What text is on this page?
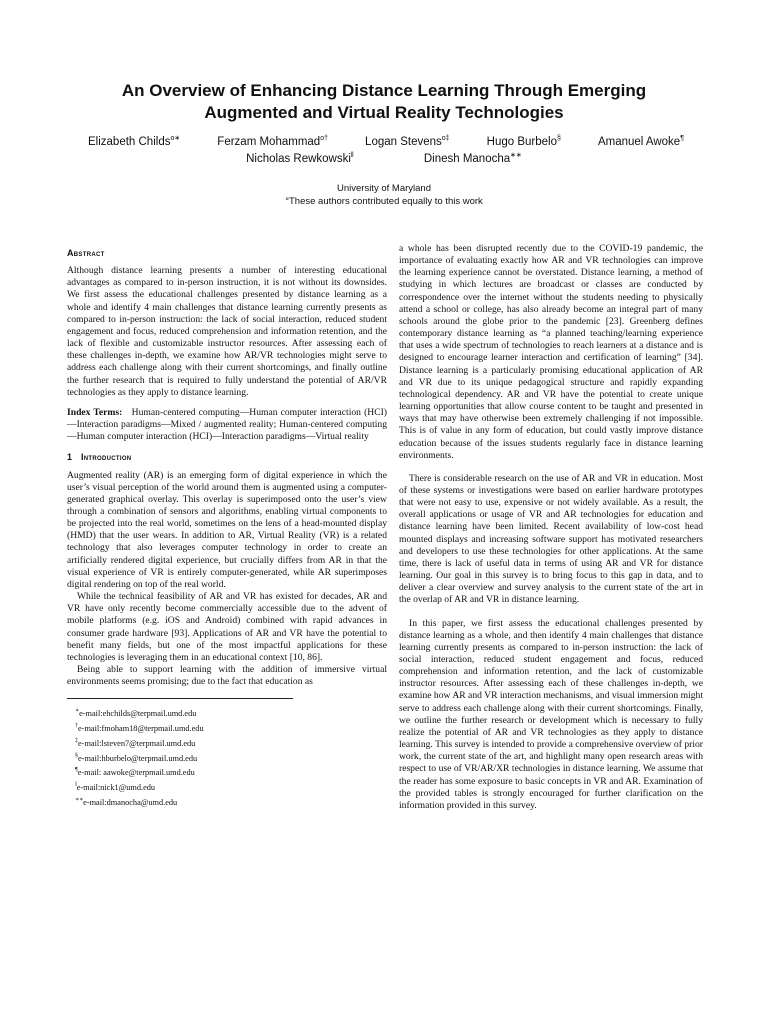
An Overview of Enhancing Distance Learning Through Emerging
Augmented and Virtual Reality Technologies
Elizabeth Childs$^{o∗}$	Ferzam Mohammad$^{o\dagger}$	Logan Stevens$^{o\ddagger}$	Hugo Burbelo§	Amanuel Awoke¶
Nicholas Rewkowski‖	Dinesh Manocha∗∗
University of Maryland
°These authors contributed equally to this work
Abstract

Although distance learning presents a number of interesting educational advantages as compared to in-person instruction, it is not without its downsides. We first assess the educational challenges presented by distance learning as a whole and identify 4 main challenges that distance learning currently presents as compared to in-person instruction: the lack of social interaction, reduced student engagement and focus, reduced comprehension and information retention, and the lack of flexible and customizable instructor resources. After assessing each of these challenges in-depth, we examine how AR/VR technologies might serve to address each challenge along with their current shortcomings, and finally outline the further research that is required to fully understand the potential of AR/VR technologies as they apply to distance learning.

Index Terms: Human-centered computing—Human computer interaction (HCI)—Interaction paradigms—Mixed / augmented reality; Human-centered computing—Human computer interaction (HCI)—Interaction paradigms—Virtual reality

1 Introduction

Augmented reality (AR) is an emerging form of digital experience in which the user’s visual perception of the world around them is augmented using a computer-generated graphical overlay. This overlay is superimposed onto the user’s view through a combination of sensors and algorithms, enabling virtual components to be projected into the real world, sometimes on the lens of a head-mounted display (HMD) that the user wears. In addition to AR, Virtual Reality (VR) is a related technology that also leverages computer technology in order to create an artificially rendered digital experience, but crucially differs from AR in that the visual experience of VR is entirely computer-generated, while AR superimposes digital rendering on top of the real world.

While the technical feasibility of AR and VR has existed for decades, AR and VR have only recently become commercially accessible due to the advent of mobile platforms (e.g. iOS and Android) combined with rapid advances in consumer grade hardware [93]. Applications of AR and VR have the potential to benefit many fields, but one of the most impactful applications for these technologies is leveraging them in an educational context [10, 86].

Being able to support learning with the addition of immersive virtual environments seems promising; due to the fact that education as

∗e-mail:ehchilds@terpmail.umd.edu
†e-mail:fmoham18@terpmail.umd.edu
‡e-mail:lsteven7@terpmail.umd.edu
§e-mail:hburbelo@terpmail.umd.edu
¶e-mail: aawoke@terpmail.umd.edu
‖e-mail:nick1@umd.edu
∗∗e-mail:dmanocha@umd.edu

a whole has been disrupted recently due to the COVID-19 pandemic, the importance of evaluating exactly how AR and VR technologies can improve the learning experience cannot be overstated. Distance learning, a method of studying in which lectures are broadcast or classes are conducted by correspondence over the internet without the students needing to physically attend a school or college, has also already become an integral part of many schools around the globe prior to the pandemic [23]. Greenberg defines contemporary distance learning as “a planned teaching/learning experience that uses a wide spectrum of technologies to reach learners at a distance and is designed to encourage learner interaction and certification of learning” [34]. Distance learning is a particularly promising educational application of AR and VR due to its unique pedagogical structure and rapidly expanding technological dependency. AR and VR have the potential to create unique learning opportunities that allow course content to be taught and presented in ways that may have otherwise been extremely challenging if not impossible. This is of value in any form of education, but could vastly improve distance education because of the issues students regularly face in distance learning environments.

There is considerable research on the use of AR and VR in education. Most of these systems or investigations were based on earlier hardware prototypes that were not easy to use, expensive or not widely available. As a result, the overall applications or usage of VR and AR technologies for education and distance learning have been limited. Recent availability of low-cost head mounted displays and increasing software support has motivated researchers and developers to use these technologies for other applications. At the same time, there is lack of useful data in terms of using AR and VR for distance learning. Our goal in this survey is to bring focus to this gap in data, and to deliver a clear overview and survey analysis to the current state of the art in the overlap of AR and VR in distance learning.

In this paper, we first assess the educational challenges presented by distance learning as a whole, and then identify 4 main challenges that distance learning currently presents as compared to in-person instruction: the lack of social interaction, reduced student engagement and focus, reduced comprehension and information retention, and the lack of customizable instructor resources. After assessing each of these challenges in-depth, we examine how AR and VR interaction mechanisms, and visual immersion might serve to address each challenge along with their current shortcomings. Finally, we outline the further research or development which is necessary to fully realize the potential of AR and VR technologies as they apply to distance learning. This survey is intended to provide a comprehensive overview of prior work, the current state of the art, and highlight many open research areas with respect to use of VR/AR/XR technologies in distance learning. We assume that the reader has some exposure to basic concepts in VR and AR. Examination of the provided tables is strongly encouraged for further clarification on the information provided in this survey.
